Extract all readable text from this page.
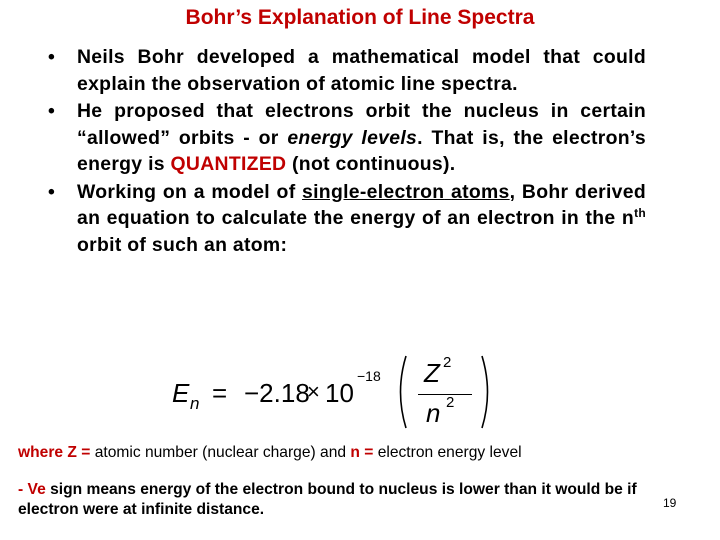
Bohr’s Explanation of Line Spectra
• Neils Bohr developed a mathematical model that could explain the observation of atomic line spectra.
• He proposed that electrons orbit the nucleus in certain “allowed” orbits - or energy levels. That is, the electron’s energy is QUANTIZED (not continuous).
• Working on a model of single-electron atoms, Bohr derived an equation to calculate the energy of an electron in the $n^{th}$ orbit of such an atom:
E n = −2.18
× 10
−18 Z 2
n 2
where Z = atomic number (nuclear charge) and n = electron energy level
- Ve sign means energy of the electron bound to nucleus is lower than it would be if electron were at infinite distance.	19
